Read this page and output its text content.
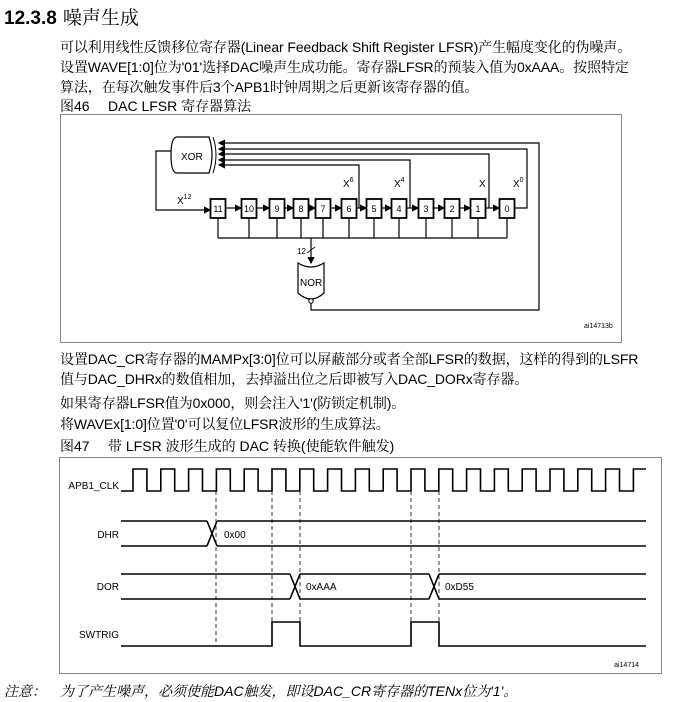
12.3.8 噪声生成
可以利用线性反馈移位寄存器(Linear Feedback Shift Register LFSR)产生幅度变化的伪噪声。
设置WAVE[1:0]位为'01'选择DAC噪声生成功能。寄存器LFSR的预装入值为0xAAA。按照特定
算法，在每次触发事件后3个APB1时钟周期之后更新该寄存器的值。
图46 DAC LFSR 寄存器算法
XOR
NOR
12
$X^{12}$
$X^6$	$X^4$	X	$X^0$
11 10 9 8 7 6 5 4 3 2 1	0
ai14713b
设置DAC_CR寄存器的MAMPx[3:0]位可以屏蔽部分或者全部LFSR的数据，这样的得到的LSFR
值与DAC_DHRx的数值相加，去掉溢出位之后即被写入DAC_DORx寄存器。
如果寄存器LFSR值为0x000，则会注入'1'(防锁定机制)。
将WAVEx[1:0]位置'0'可以复位LFSR波形的生成算法。
图47 带 LFSR 波形生成的 DAC 转换(使能软件触发)
APB1_CLK
DHR
DOR
SWTRIG
0x00
0xAAA	0xD55
ai14714
注意： 为了产生噪声，必须使能DAC触发，即设DAC_CR寄存器的TENx位为'1'。
